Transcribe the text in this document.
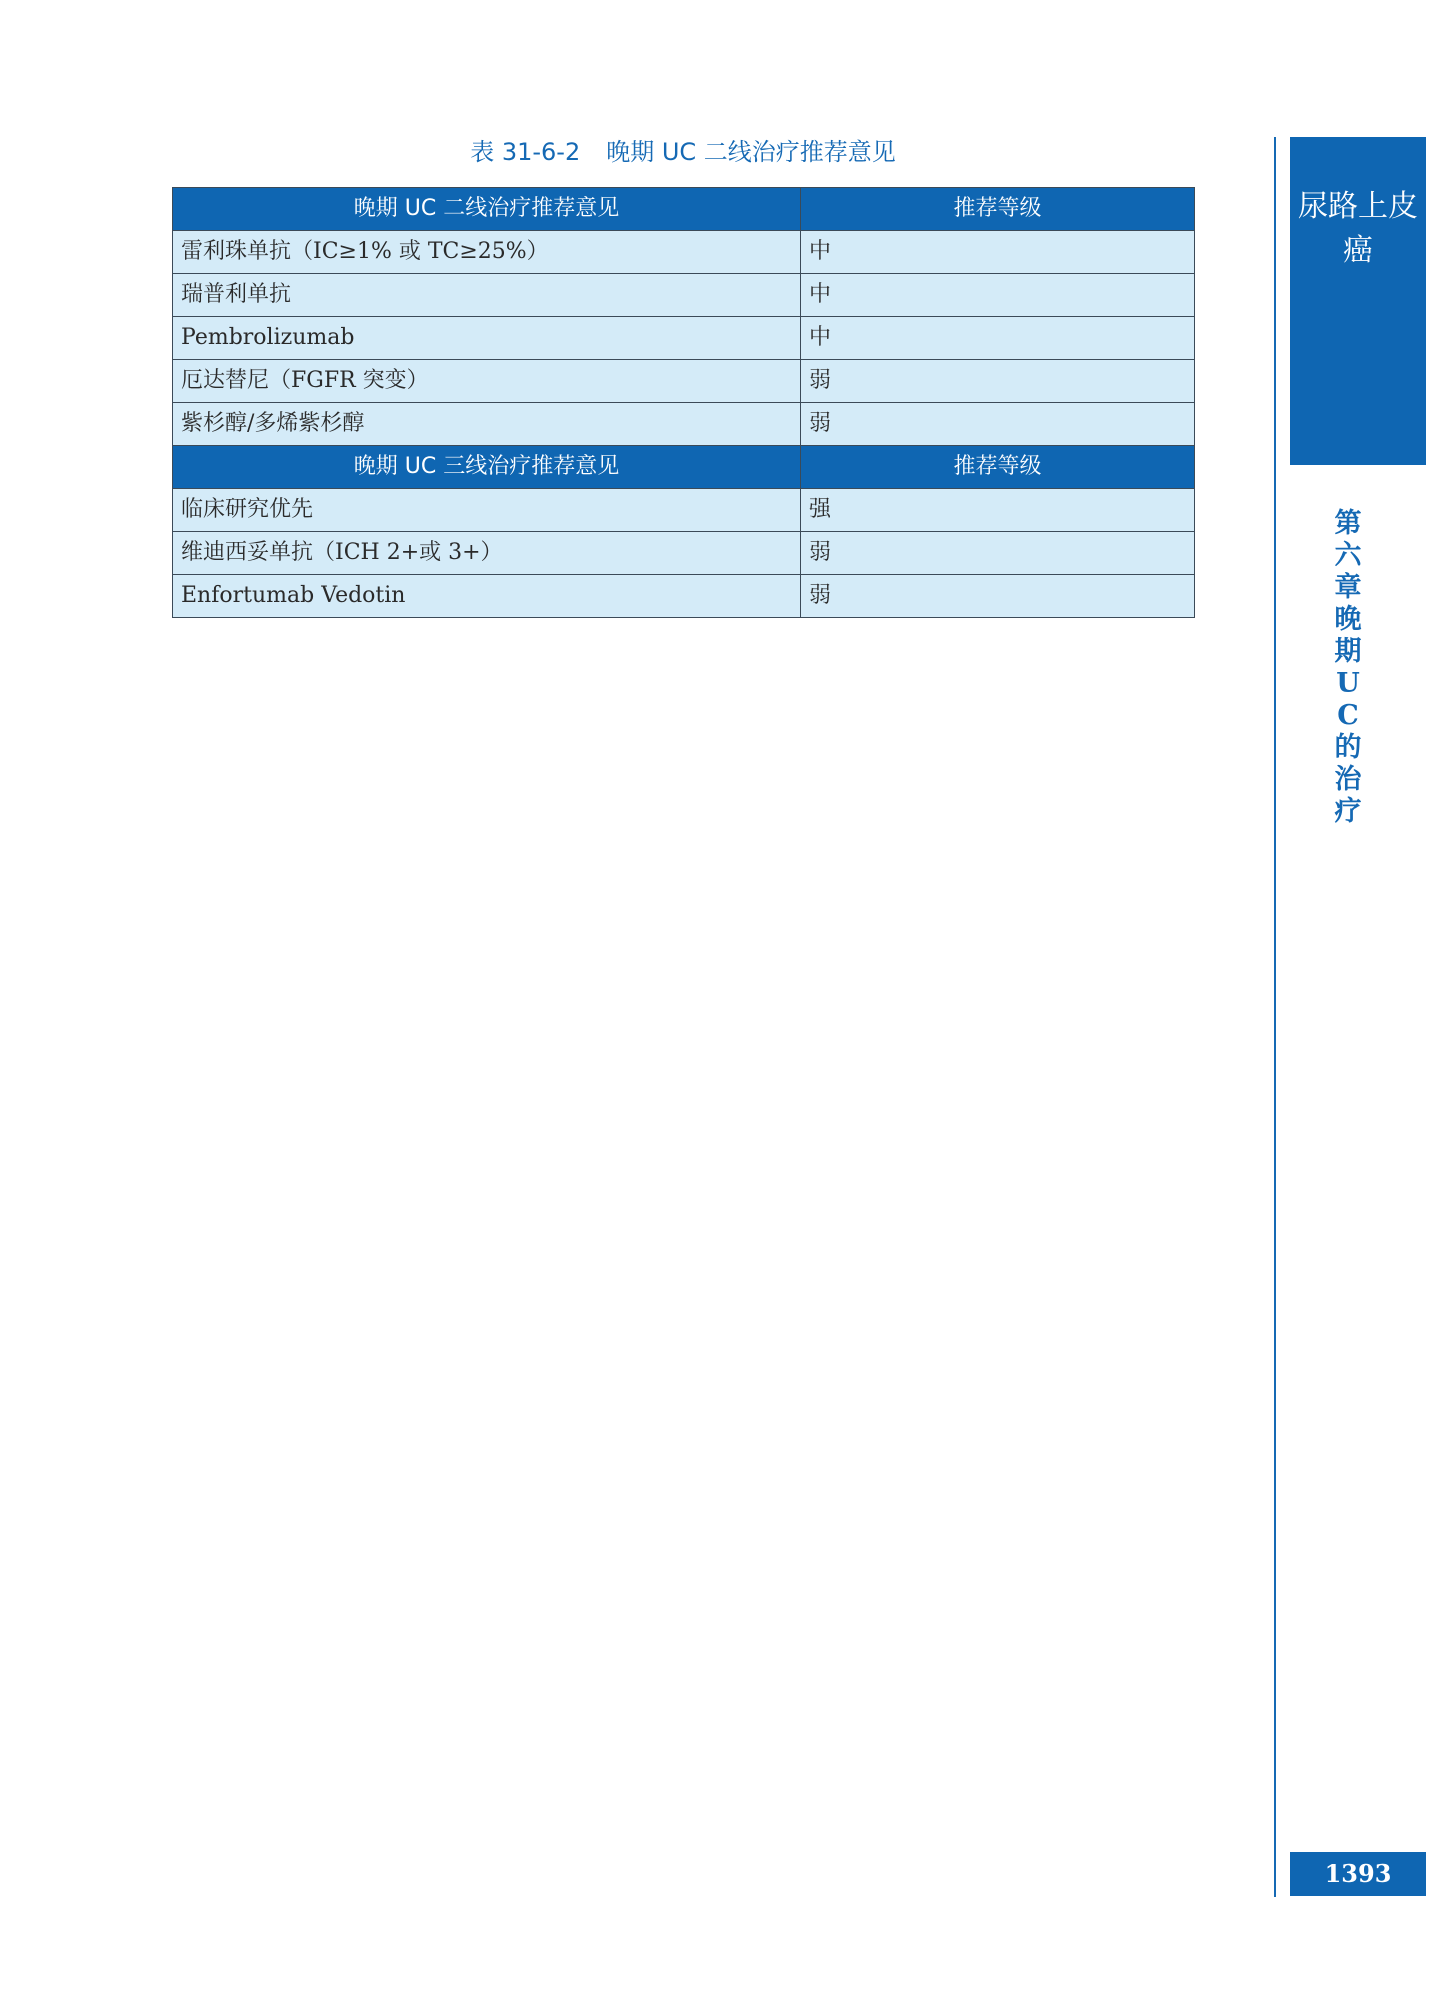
表 31-6-2 晚期 UC 二线治疗推荐意见
晚期 UC 二线治疗推荐意见	推荐等级
雷利珠单抗（IC≥1% 或 TC≥25%）	中
瑞普利单抗	中
Pembrolizumab	中
厄达替尼（FGFR 突变）	弱
紫杉醇/多烯紫杉醇	弱
晚期 UC 三线治疗推荐意见	推荐等级
临床研究优先	强
维迪西妥单抗（ICH 2+或 3+）	弱
Enfortumab Vedotin	弱
尿路上皮癌
第六章晚期UC的治疗
1393
